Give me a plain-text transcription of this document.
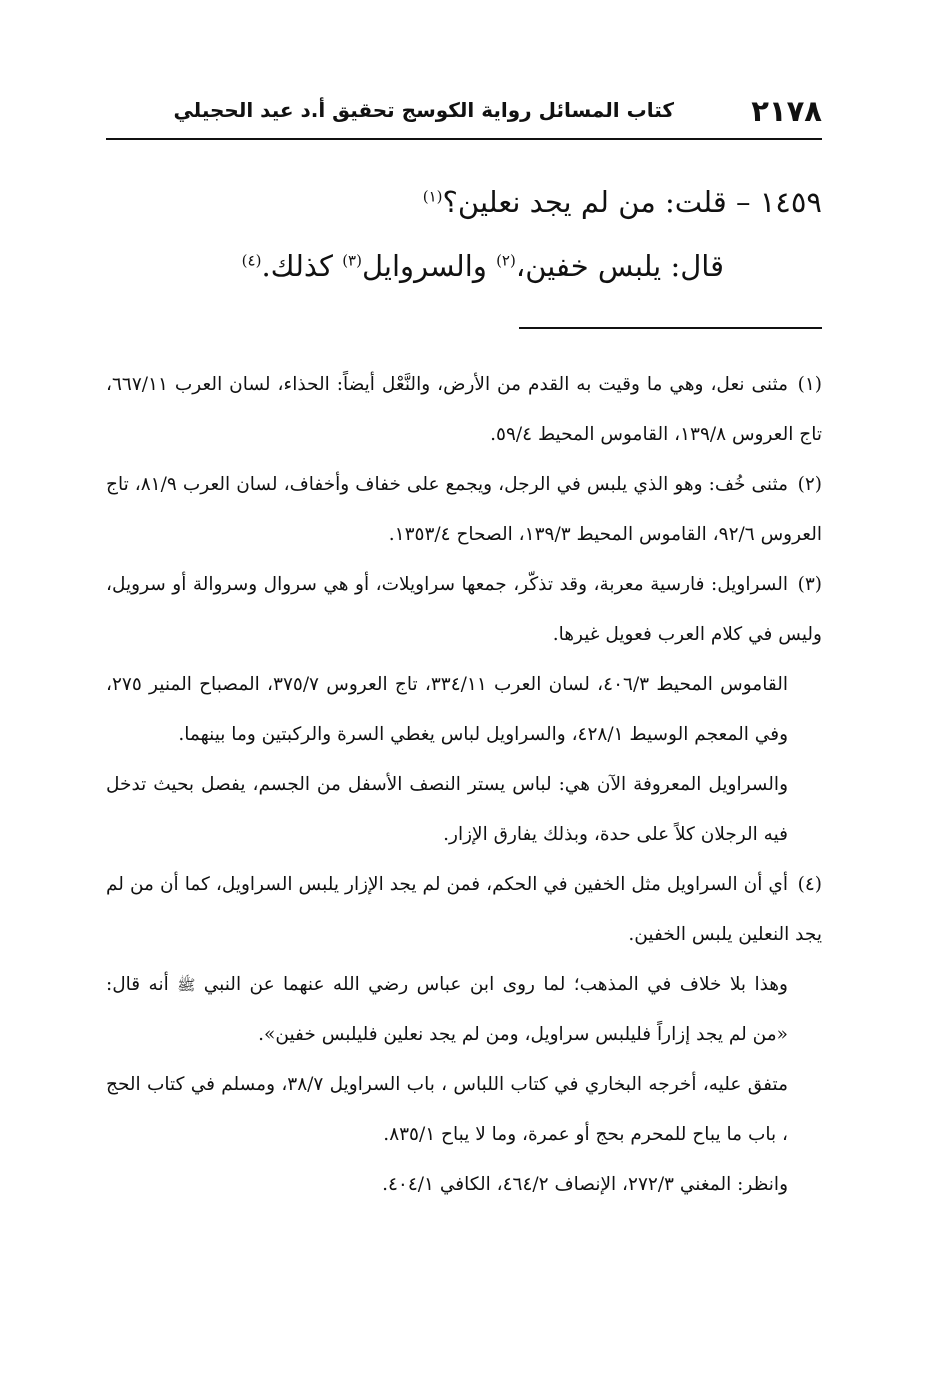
٢١٧٨
كتاب المسائل رواية الكوسج تحقيق أ.د عيد الحجيلي
١٤٥٩ – قلت: من لم يجد نعلين؟$^{(١)}$
قال: يلبس خفين،$^{(٢)}$ والسروايل$^{(٣)}$ كذلك.$^{(٤)}$

(١)مثنى نعل، وهي ما وقيت به القدم من الأرض، والنَّعْل أيضاً: الحذاء، لسان العرب ٦٦٧/١١، تاج العروس ١٣٩/٨، القاموس المحيط ٥٩/٤.

(٢)مثنى خُف: وهو الذي يلبس في الرجل، ويجمع على خفاف وأخفاف، لسان العرب ٨١/٩، تاج العروس ٩٢/٦، القاموس المحيط ١٣٩/٣، الصحاح ١٣٥٣/٤.

(٣)السراويل: فارسية معربة، وقد تذكّر، جمعها سراويلات، أو هي سروال وسروالة أو سرويل، وليس في كلام العرب فعويل غيرها.

القاموس المحيط ٤٠٦/٣، لسان العرب ٣٣٤/١١، تاج العروس ٣٧٥/٧، المصباح المنير ٢٧٥، وفي المعجم الوسيط ٤٢٨/١، والسراويل لباس يغطي السرة والركبتين وما بينهما.

والسراويل المعروفة الآن هي: لباس يستر النصف الأسفل من الجسم، يفصل بحيث تدخل فيه الرجلان كلاً على حدة، وبذلك يفارق الإزار.

(٤)أي أن السراويل مثل الخفين في الحكم، فمن لم يجد الإزار يلبس السراويل، كما أن من لم يجد النعلين يلبس الخفين.

وهذا بلا خلاف في المذهب؛ لما روى ابن عباس رضي الله عنهما عن النبي ﷺ أنه قال: «من لم يجد إزاراً فليلبس سراويل، ومن لم يجد نعلين فليلبس خفين».

متفق عليه، أخرجه البخاري في كتاب اللباس ، باب السراويل ٣٨/٧، ومسلم في كتاب الحج ، باب ما يباح للمحرم بحج أو عمرة، وما لا يباح ٨٣٥/١.

وانظر: المغني ٢٧٢/٣، الإنصاف ٤٦٤/٢، الكافي ٤٠٤/١.
